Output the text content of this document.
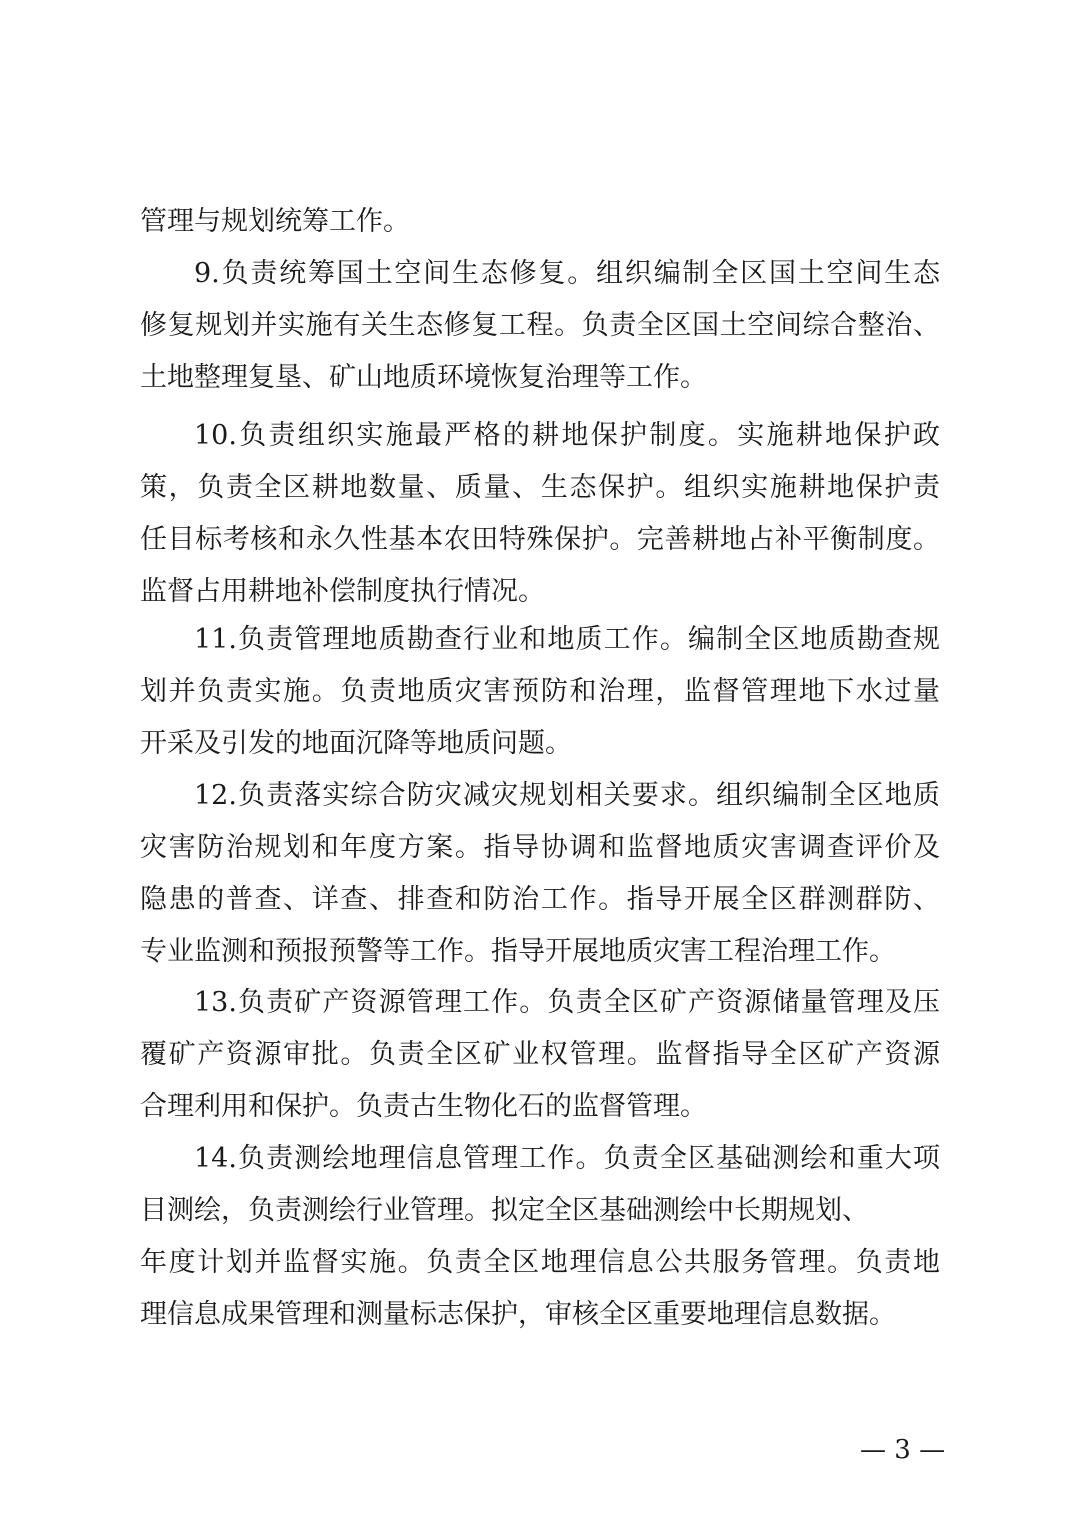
管理与规划统筹工作。
9.负责统筹国土空间生态修复。组织编制全区国土空间生态
修复规划并实施有关生态修复工程。负责全区国土空间综合整治、
土地整理复垦、矿山地质环境恢复治理等工作。
10.负责组织实施最严格的耕地保护制度。实施耕地保护政
策，负责全区耕地数量、质量、生态保护。组织实施耕地保护责
任目标考核和永久性基本农田特殊保护。完善耕地占补平衡制度。
监督占用耕地补偿制度执行情况。
11.负责管理地质勘查行业和地质工作。编制全区地质勘查规
划并负责实施。负责地质灾害预防和治理，监督管理地下水过量
开采及引发的地面沉降等地质问题。
12.负责落实综合防灾减灾规划相关要求。组织编制全区地质
灾害防治规划和年度方案。指导协调和监督地质灾害调查评价及
隐患的普查、详查、排查和防治工作。指导开展全区群测群防、
专业监测和预报预警等工作。指导开展地质灾害工程治理工作。
13.负责矿产资源管理工作。负责全区矿产资源储量管理及压
覆矿产资源审批。负责全区矿业权管理。监督指导全区矿产资源
合理利用和保护。负责古生物化石的监督管理。
14.负责测绘地理信息管理工作。负责全区基础测绘和重大项
目测绘，负责测绘行业管理。拟定全区基础测绘中长期规划、
年度计划并监督实施。负责全区地理信息公共服务管理。负责地
理信息成果管理和测量标志保护，审核全区重要地理信息数据。
— 3 —
